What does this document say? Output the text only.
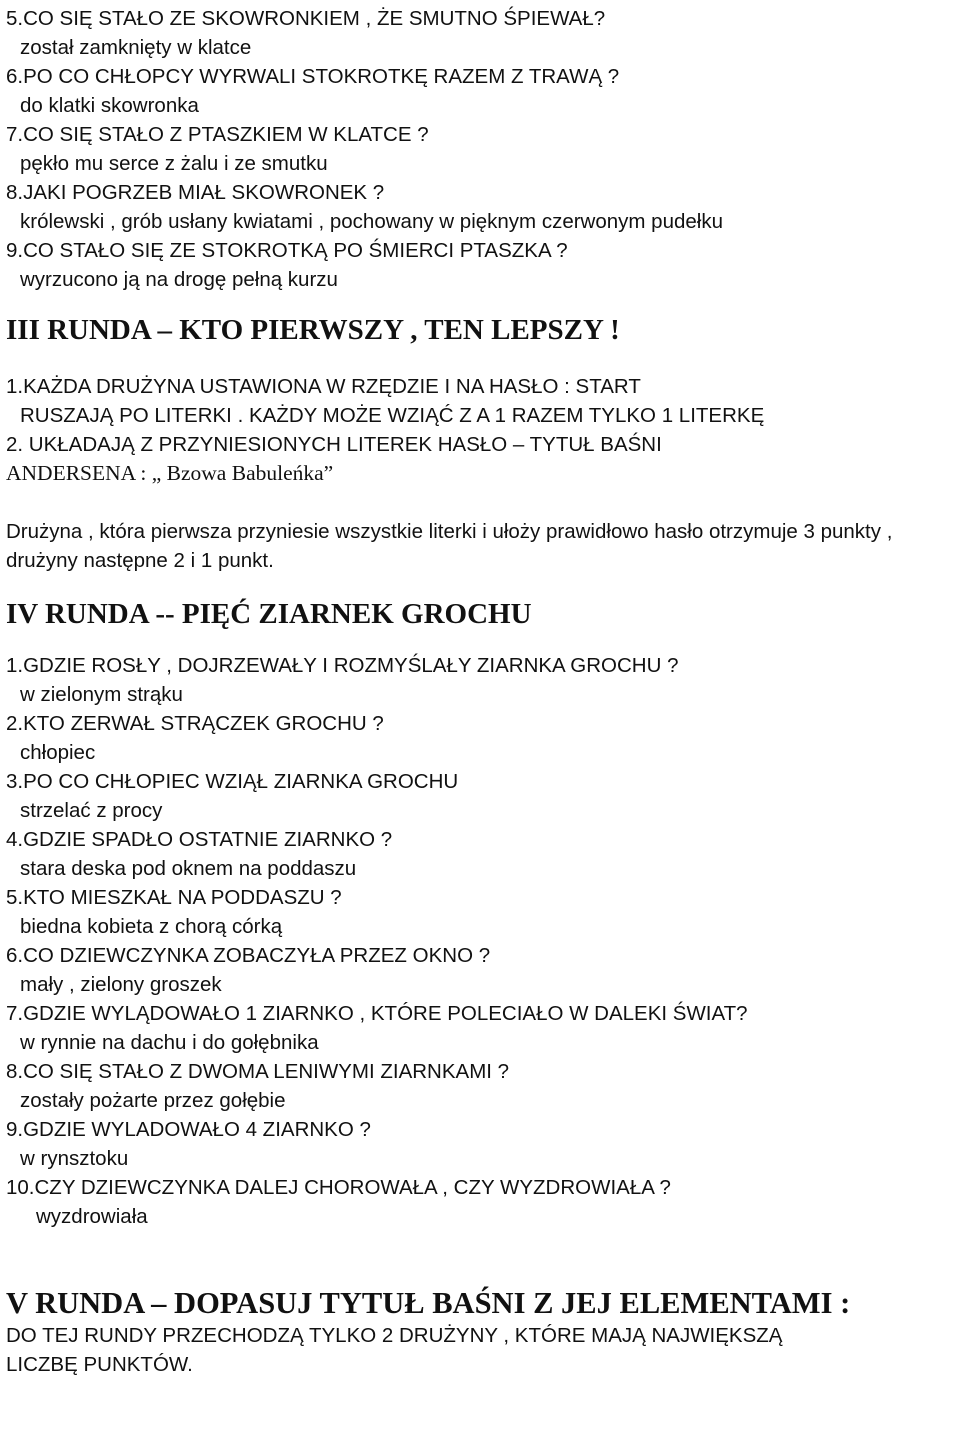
5.CO SIĘ STAŁO ZE SKOWRONKIEM , ŻE SMUTNO ŚPIEWAŁ?
został zamknięty w klatce
6.PO CO CHŁOPCY WYRWALI STOKROTKĘ RAZEM Z TRAWĄ ?
do klatki skowronka
7.CO SIĘ STAŁO Z PTASZKIEM W KLATCE ?
pękło mu serce z żalu i ze smutku
8.JAKI POGRZEB MIAŁ SKOWRONEK ?
królewski , grób usłany kwiatami , pochowany w pięknym czerwonym pudełku
9.CO STAŁO SIĘ ZE STOKROTKĄ PO ŚMIERCI PTASZKA ?
wyrzucono ją na drogę pełną kurzu
III RUNDA – KTO PIERWSZY , TEN LEPSZY !
1.KAŻDA DRUŻYNA USTAWIONA W RZĘDZIE I NA HASŁO : START
RUSZAJĄ PO LITERKI . KAŻDY MOŻE WZIĄĆ Z A 1 RAZEM TYLKO 1 LITERKĘ
2. UKŁADAJĄ Z PRZYNIESIONYCH LITEREK HASŁO – TYTUŁ BAŚNI
ANDERSENA : „ Bzowa Babuleńka”
Drużyna , która pierwsza przyniesie wszystkie literki i ułoży prawidłowo hasło otrzymuje 3 punkty , drużyny następne 2 i 1 punkt.
IV RUNDA -- PIĘĆ ZIARNEK GROCHU
1.GDZIE ROSŁY , DOJRZEWAŁY I ROZMYŚLAŁY ZIARNKA GROCHU ?
w zielonym strąku
2.KTO ZERWAŁ STRĄCZEK GROCHU ?
chłopiec
3.PO CO CHŁOPIEC WZIĄŁ ZIARNKA GROCHU
strzelać z procy
4.GDZIE SPADŁO OSTATNIE ZIARNKO ?
stara deska pod oknem na poddaszu
5.KTO MIESZKAŁ NA PODDASZU ?
biedna kobieta z chorą córką
6.CO DZIEWCZYNKA ZOBACZYŁA PRZEZ OKNO ?
mały , zielony groszek
7.GDZIE WYLĄDOWAŁO 1 ZIARNKO , KTÓRE POLECIAŁO W DALEKI ŚWIAT?
w rynnie na dachu i do gołębnika
8.CO SIĘ STAŁO Z DWOMA LENIWYMI ZIARNKAMI ?
zostały pożarte przez gołębie
9.GDZIE WYLADOWAŁO 4 ZIARNKO ?
w rynsztoku
10.CZY DZIEWCZYNKA DALEJ CHOROWAŁA , CZY WYZDROWIAŁA ?
wyzdrowiała
V RUNDA – DOPASUJ TYTUŁ BAŚNI Z JEJ ELEMENTAMI :
DO TEJ RUNDY PRZECHODZĄ TYLKO 2 DRUŻYNY , KTÓRE MAJĄ NAJWIĘKSZĄ
LICZBĘ PUNKTÓW.
